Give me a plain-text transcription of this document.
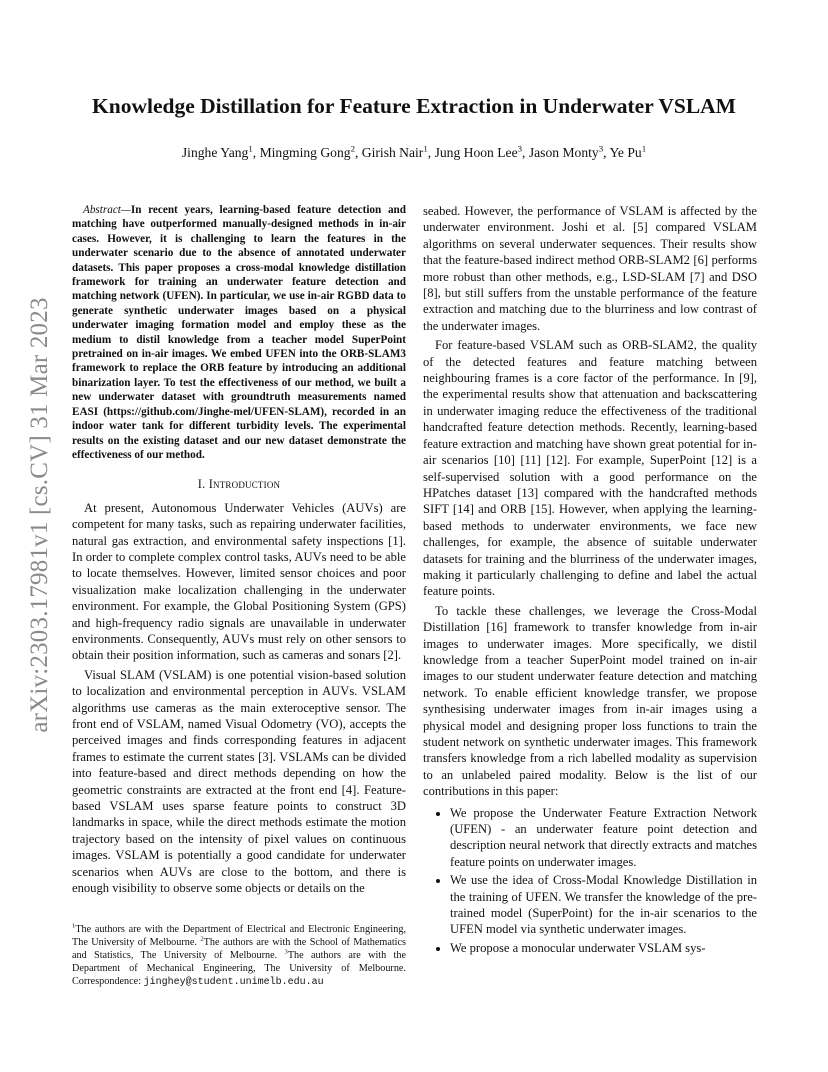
arXiv:2303.17981v1 [cs.CV] 31 Mar 2023
Knowledge Distillation for Feature Extraction in Underwater VSLAM
Jinghe Yang$^1$, Mingming Gong$^2$, Girish Nair$^1$, Jung Hoon Lee$^3$, Jason Monty$^3$, Ye Pu$^1$

Abstract—In recent years, learning-based feature detection and matching have outperformed manually-designed methods in in-air cases. However, it is challenging to learn the features in the underwater scenario due to the absence of annotated underwater datasets. This paper proposes a cross-modal knowledge distillation framework for training an underwater feature detection and matching network (UFEN). In particular, we use in-air RGBD data to generate synthetic underwater images based on a physical underwater imaging formation model and employ these as the medium to distil knowledge from a teacher model SuperPoint pretrained on in-air images. We embed UFEN into the ORB-SLAM3 framework to replace the ORB feature by introducing an additional binarization layer. To test the effectiveness of our method, we built a new underwater dataset with groundtruth measurements named EASI (https://github.com/Jinghe-mel/UFEN-SLAM), recorded in an indoor water tank for different turbidity levels. The experimental results on the existing dataset and our new dataset demonstrate the effectiveness of our method.

I. Introduction

At present, Autonomous Underwater Vehicles (AUVs) are competent for many tasks, such as repairing underwater facilities, natural gas extraction, and environmental safety inspections [1]. In order to complete complex control tasks, AUVs need to be able to locate themselves. However, limited sensor choices and poor visualization make localization challenging in the underwater environment. For example, the Global Positioning System (GPS) and high-frequency radio signals are unavailable in underwater environments. Consequently, AUVs must rely on other sensors to obtain their position information, such as cameras and sonars [2].

Visual SLAM (VSLAM) is one potential vision-based solution to localization and environmental perception in AUVs. VSLAM algorithms use cameras as the main exteroceptive sensor. The front end of VSLAM, named Visual Odometry (VO), accepts the perceived images and finds corresponding features in adjacent frames to estimate the current states [3]. VSLAMs can be divided into feature-based and direct methods depending on how the geometric constraints are extracted at the front end [4]. Feature-based VSLAM uses sparse feature points to construct 3D landmarks in space, while the direct methods estimate the motion trajectory based on the intensity of pixel values on continuous images. VSLAM is potentially a good candidate for underwater scenarios when AUVs are close to the bottom, and there is enough visibility to observe some objects or details on the

seabed. However, the performance of VSLAM is affected by the underwater environment. Joshi et al. [5] compared VSLAM algorithms on several underwater sequences. Their results show that the feature-based indirect method ORB-SLAM2 [6] performs more robust than other methods, e.g., LSD-SLAM [7] and DSO [8], but still suffers from the unstable performance of the feature extraction and matching due to the blurriness and low contrast of the underwater images.

For feature-based VSLAM such as ORB-SLAM2, the quality of the detected features and feature matching between neighbouring frames is a core factor of the performance. In [9], the experimental results show that attenuation and backscattering in underwater imaging reduce the effectiveness of the traditional handcrafted feature detection methods. Recently, learning-based feature extraction and matching have shown great potential for in-air scenarios [10] [11] [12]. For example, SuperPoint [12] is a self-supervised solution with a good performance on the HPatches dataset [13] compared with the handcrafted methods SIFT [14] and ORB [15]. However, when applying the learning-based methods to underwater environments, we face new challenges, for example, the absence of suitable underwater datasets for training and the blurriness of the underwater images, making it particularly challenging to define and label the actual feature points.

To tackle these challenges, we leverage the Cross-Modal Distillation [16] framework to transfer knowledge from in-air images to underwater images. More specifically, we distil knowledge from a teacher SuperPoint model trained on in-air images to our student underwater feature detection and matching network. To enable efficient knowledge transfer, we propose synthesising underwater images from in-air images using a physical model and designing proper loss functions to train the student network on synthetic underwater images. This framework transfers knowledge from a rich labelled modality as supervision to an unlabeled paired modality. Below is the list of our contributions in this paper:

• We propose the Underwater Feature Extraction Network (UFEN) - an underwater feature point detection and description neural network that directly extracts and matches feature points on underwater images.
• We use the idea of Cross-Modal Knowledge Distillation in the training of UFEN. We transfer the knowledge of the pre-trained model (SuperPoint) for the in-air scenarios to the UFEN model via synthetic underwater images.
• We propose a monocular underwater VSLAM sys-
$^1$The authors are with the Department of Electrical and Electronic Engineering, The University of Melbourne. $^2$The authors are with the School of Mathematics and Statistics, The University of Melbourne. $^3$The authors are with the Department of Mechanical Engineering, The University of Melbourne. Correspondence: jinghey@student.unimelb.edu.au
